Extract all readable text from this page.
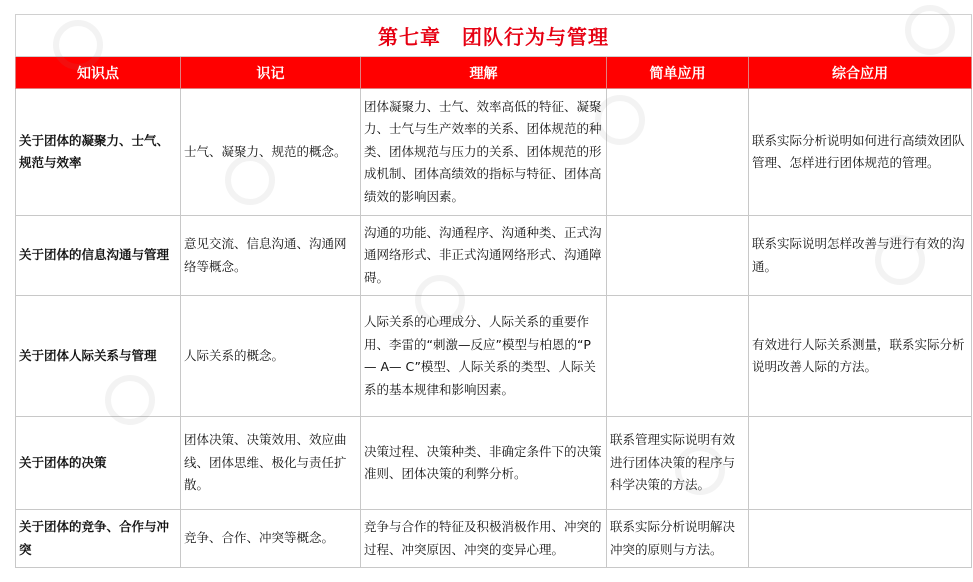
第七章　团队行为与管理				
知识点	识记	理解	简单应用	综合应用
关于团体的凝聚力、士气、规范与效率	士气、凝聚力、规范的概念。	团体凝聚力、士气、效率高低的特征、凝聚力、士气与生产效率的关系、团体规范的种类、团体规范与压力的关系、团体规范的形成机制、团体高绩效的指标与特征、团体高绩效的影响因素。		联系实际分析说明如何进行高绩效团队管理、怎样进行团体规范的管理。
关于团体的信息沟通与管理	意见交流、信息沟通、沟通网络等概念。	沟通的功能、沟通程序、沟通种类、正式沟通网络形式、非正式沟通网络形式、沟通障碍。		联系实际说明怎样改善与进行有效的沟通。
关于团体人际关系与管理	人际关系的概念。	人际关系的心理成分、人际关系的重要作用、李雷的“刺激—反应”模型与柏恩的“P— A— C”模型、人际关系的类型、人际关系的基本规律和影响因素。		有效进行人际关系测量，联系实际分析说明改善人际的方法。
关于团体的决策	团体决策、决策效用、效应曲线、团体思维、极化与责任扩散。	决策过程、决策种类、非确定条件下的决策准则、团体决策的利弊分析。	联系管理实际说明有效进行团体决策的程序与科学决策的方法。	
关于团体的竞争、合作与冲突	竞争、合作、冲突等概念。	竞争与合作的特征及积极消极作用、冲突的过程、冲突原因、冲突的变异心理。	联系实际分析说明解决冲突的原则与方法。	
